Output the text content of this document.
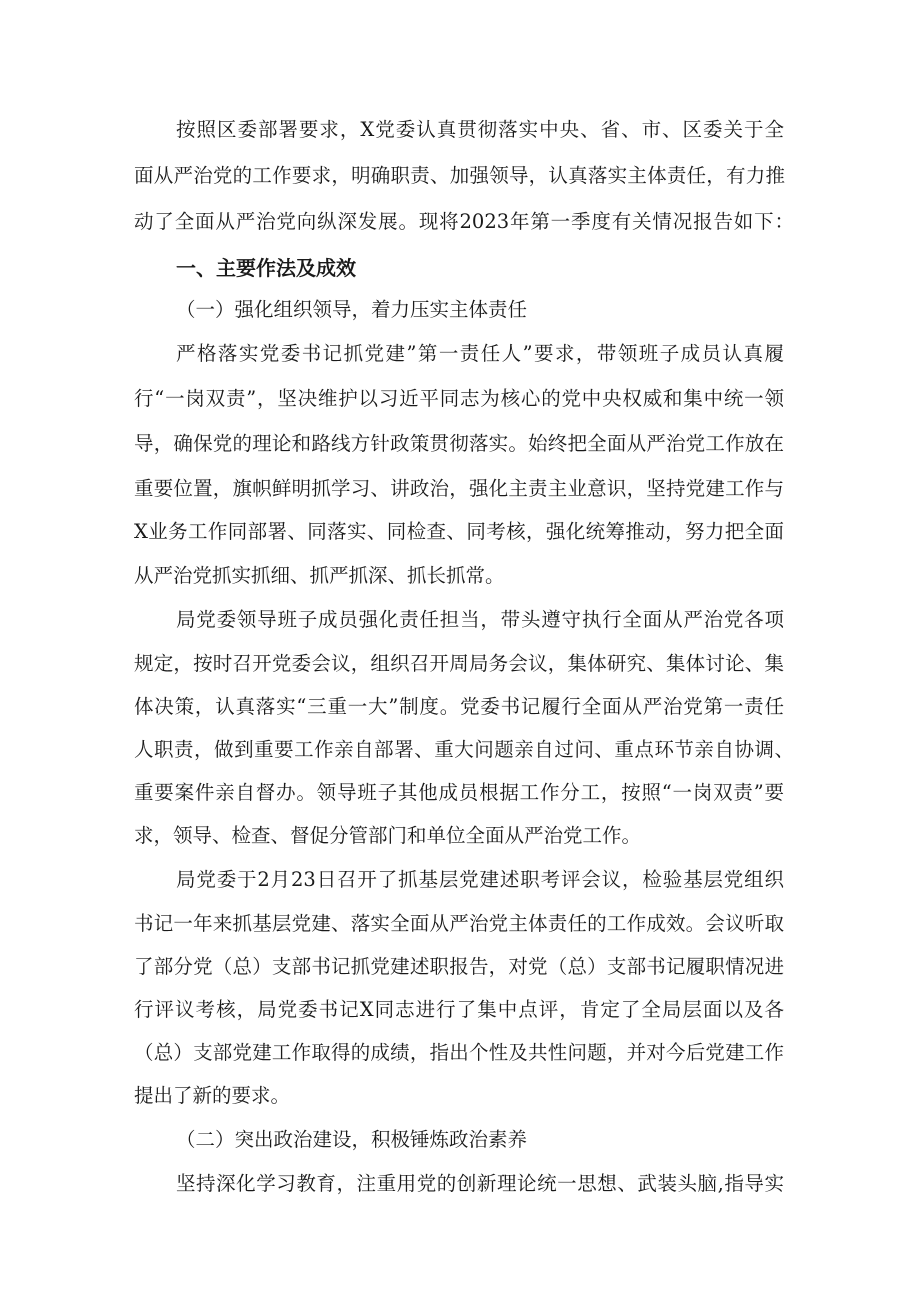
按照区委部署要求，X党委认真贯彻落实中央、省、市、区委关于全
面从严治党的工作要求，明确职责、加强领导，认真落实主体责任，有力推
动了全面从严治党向纵深发展。现将2023年第一季度有关情况报告如下：
一、主要作法及成效
（一）强化组织领导，着力压实主体责任
严格落实党委书记抓党建”第一责任人”要求，带领班子成员认真履
行“一岗双责”，坚决维护以习近平同志为核心的党中央权威和集中统一领
导，确保党的理论和路线方针政策贯彻落实。始终把全面从严治党工作放在
重要位置，旗帜鲜明抓学习、讲政治，强化主责主业意识，坚持党建工作与
X业务工作同部署、同落实、同检查、同考核，强化统筹推动，努力把全面
从严治党抓实抓细、抓严抓深、抓长抓常。
局党委领导班子成员强化责任担当，带头遵守执行全面从严治党各项
规定，按时召开党委会议，组织召开周局务会议，集体研究、集体讨论、集
体决策，认真落实“三重一大”制度。党委书记履行全面从严治党第一责任
人职责，做到重要工作亲自部署、重大问题亲自过问、重点环节亲自协调、
重要案件亲自督办。领导班子其他成员根据工作分工，按照“一岗双责”要
求，领导、检查、督促分管部门和单位全面从严治党工作。
局党委于2月23日召开了抓基层党建述职考评会议，检验基层党组织
书记一年来抓基层党建、落实全面从严治党主体责任的工作成效。会议听取
了部分党（总）支部书记抓党建述职报告，对党（总）支部书记履职情况进
行评议考核，局党委书记X同志进行了集中点评，肯定了全局层面以及各
（总）支部党建工作取得的成绩，指出个性及共性问题，并对今后党建工作
提出了新的要求。
（二）突出政治建设，积极锤炼政治素养
坚持深化学习教育，注重用党的创新理论统一思想、武装头脑,指导实
